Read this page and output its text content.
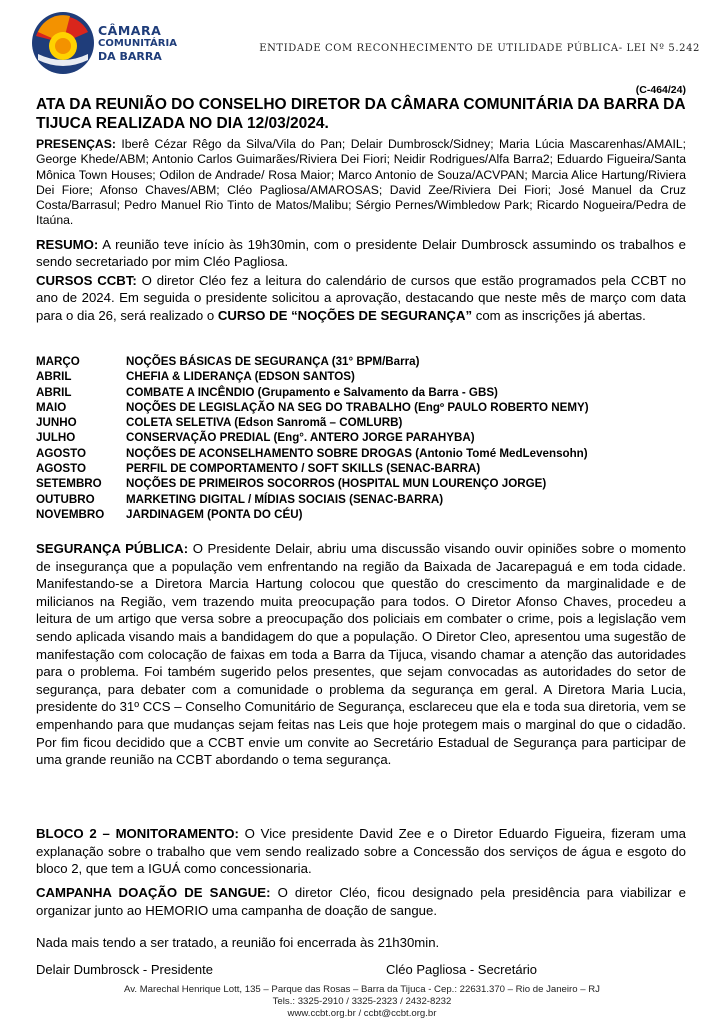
CÂMARA
COMUNITÁRIA
DA BARRA
ENTIDADE COM RECONHECIMENTO DE UTILIDADE PÚBLICA- LEI Nº 5.242
(C-464/24)
ATA DA REUNIÃO DO CONSELHO DIRETOR DA CÂMARA COMUNITÁRIA DA BARRA DA TIJUCA REALIZADA NO DIA 12/03/2024.
PRESENÇAS: Iberê Cézar Rêgo da Silva/Vila do Pan; Delair Dumbrosck/Sidney; Maria Lúcia Mascarenhas/AMAIL; George Khede/ABM; Antonio Carlos Guimarães/Riviera Dei Fiori; Neidir Rodrigues/Alfa Barra2; Eduardo Figueira/Santa Mônica Town Houses; Odilon de Andrade/ Rosa Maior; Marco Antonio de Souza/ACVPAN; Marcia Alice Hartung/Riviera Dei Fiore; Afonso Chaves/ABM; Cléo Pagliosa/AMAROSAS; David Zee/Riviera Dei Fiori; José Manuel da Cruz Costa/Barrasul; Pedro Manuel Rio Tinto de Matos/Malibu; Sérgio Pernes/Wimbledow Park; Ricardo Nogueira/Pedra de Itaúna.
RESUMO: A reunião teve início às 19h30min, com o presidente Delair Dumbrosck assumindo os trabalhos e sendo secretariado por mim Cléo Pagliosa.
CURSOS CCBT: O diretor Cléo fez a leitura do calendário de cursos que estão programados pela CCBT no ano de 2024. Em seguida o presidente solicitou a aprovação, destacando que neste mês de março com data para o dia 26, será realizado o CURSO DE “NOÇÕES DE SEGURANÇA” com as inscrições já abertas.
MARÇO	NOÇÕES BÁSICAS DE SEGURANÇA (31° BPM/Barra)
ABRIL	CHEFIA & LIDERANÇA (EDSON SANTOS)
ABRIL	COMBATE A INCÊNDIO (Grupamento e Salvamento da Barra - GBS)
MAIO	NOÇÕES DE LEGISLAÇÃO NA SEG DO TRABALHO (Engº PAULO ROBERTO NEMY)
JUNHO	COLETA SELETIVA (Edson Sanromã – COMLURB)
JULHO	CONSERVAÇÃO PREDIAL (Eng°. ANTERO JORGE PARAHYBA)
AGOSTO	NOÇÕES DE ACONSELHAMENTO SOBRE DROGAS (Antonio Tomé MedLevensohn)
AGOSTO	PERFIL DE COMPORTAMENTO / SOFT SKILLS (SENAC-BARRA)
SETEMBRO NOÇÕES DE PRIMEIROS SOCORROS (HOSPITAL MUN LOURENÇO JORGE)
OUTUBRO	MARKETING DIGITAL / MÍDIAS SOCIAIS (SENAC-BARRA)
NOVEMBRO JARDINAGEM (PONTA DO CÉU)
SEGURANÇA PÚBLICA: O Presidente Delair, abriu uma discussão visando ouvir opiniões sobre o momento de insegurança que a população vem enfrentando na região da Baixada de Jacarepaguá e em toda cidade. Manifestando-se a Diretora Marcia Hartung colocou que questão do crescimento da marginalidade e de milicianos na Região, vem trazendo muita preocupação para todos. O Diretor Afonso Chaves, procedeu a leitura de um artigo que versa sobre a preocupação dos policiais em combater o crime, pois a legislação vem sendo aplicada visando mais a bandidagem do que a população. O Diretor Cleo, apresentou uma sugestão de manifestação com colocação de faixas em toda a Barra da Tijuca, visando chamar a atenção das autoridades para o problema. Foi também sugerido pelos presentes, que sejam convocadas as autoridades do setor de segurança, para debater com a comunidade o problema da segurança em geral. A Diretora Maria Lucia, presidente do 31º CCS – Conselho Comunitário de Segurança, esclareceu que ela e toda sua diretoria, vem se empenhando para que mudanças sejam feitas nas Leis que hoje protegem mais o marginal do que o cidadão. Por fim ficou decidido que a CCBT envie um convite ao Secretário Estadual de Segurança para participar de uma grande reunião na CCBT abordando o tema segurança.
BLOCO 2 – MONITORAMENTO: O Vice presidente David Zee e o Diretor Eduardo Figueira, fizeram uma explanação sobre o trabalho que vem sendo realizado sobre a Concessão dos serviços de água e esgoto do bloco 2, que tem a IGUÁ como concessionaria.
CAMPANHA DOAÇÃO DE SANGUE: O diretor Cléo, ficou designado pela presidência para viabilizar e organizar junto ao HEMORIO uma campanha de doação de sangue.
Nada mais tendo a ser tratado, a reunião foi encerrada às 21h30min.
Delair Dumbrosck - Presidente	Cléo Pagliosa - Secretário
Av. Marechal Henrique Lott, 135 – Parque das Rosas – Barra da Tijuca - Cep.: 22631.370 – Rio de Janeiro – RJ
Tels.: 3325-2910 / 3325-2323 / 2432-8232
www.ccbt.org.br / ccbt@ccbt.org.br
